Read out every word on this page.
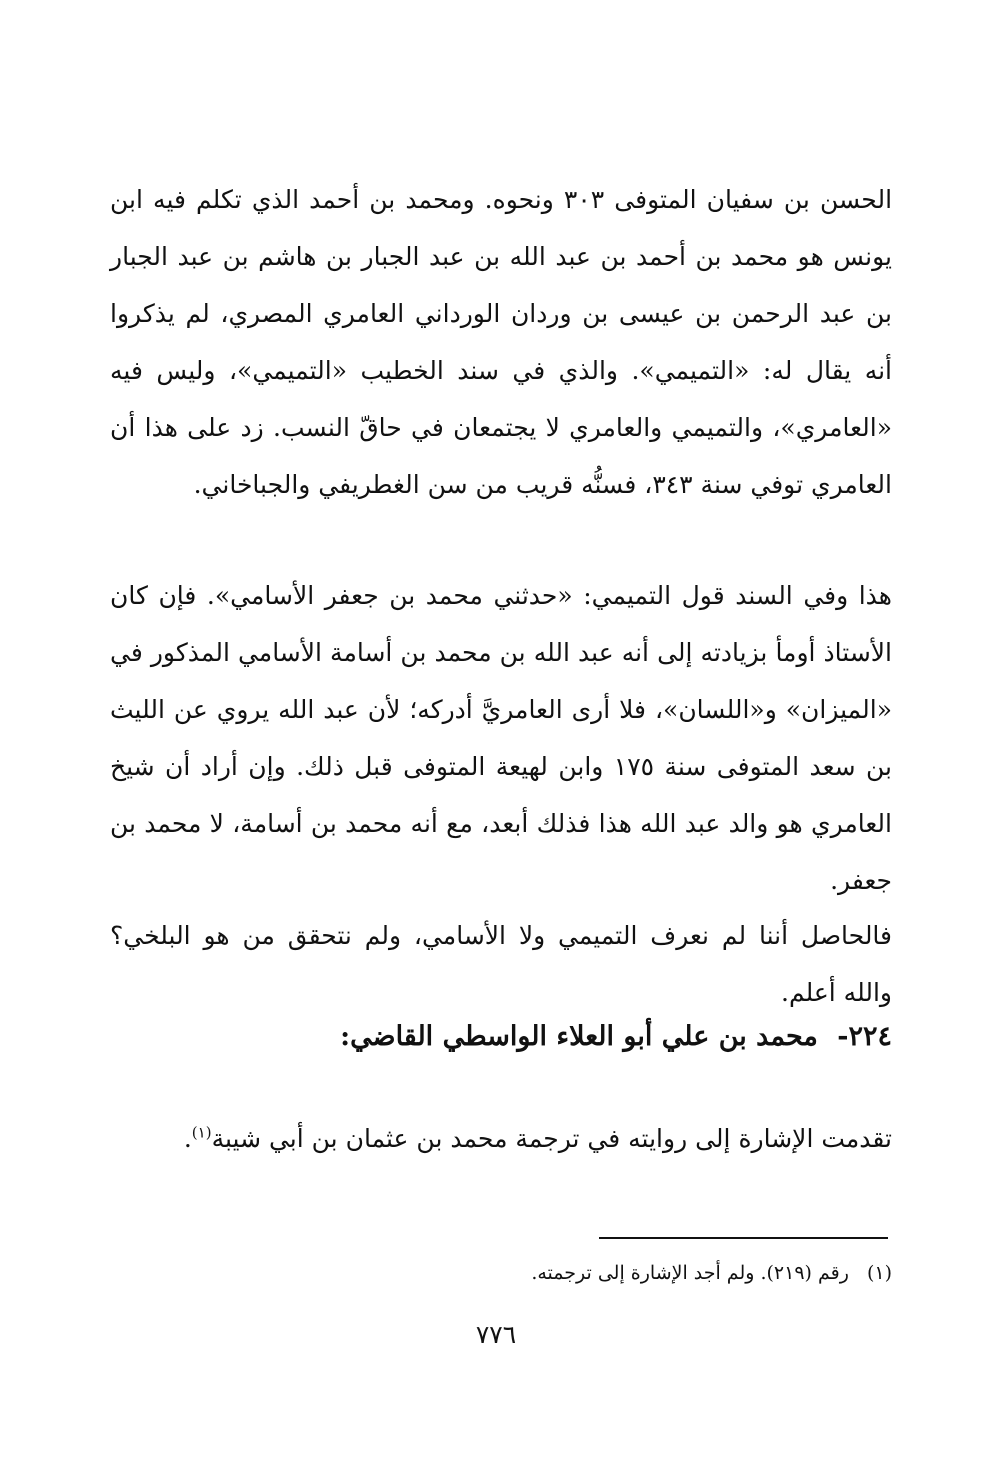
الحسن بن سفيان المتوفى ٣٠٣ ونحوه. ومحمد بن أحمد الذي تكلم فيه ابن يونس هو محمد بن أحمد بن عبد الله بن عبد الجبار بن هاشم بن عبد الجبار بن عبد الرحمن بن عيسى بن وردان الورداني العامري المصري، لم يذكروا أنه يقال له: «التميمي». والذي في سند الخطيب «التميمي»، وليس فيه «العامري»، والتميمي والعامري لا يجتمعان في حاقّ النسب. زد على هذا أن العامري توفي سنة ٣٤٣، فسنُّه قريب من سن الغطريفي والجباخاني.

هذا وفي السند قول التميمي: «حدثني محمد بن جعفر الأسامي». فإن كان الأستاذ أومأ بزيادته إلى أنه عبد الله بن محمد بن أسامة الأسامي المذكور في «الميزان» و«اللسان»، فلا أرى العامريَّ أدركه؛ لأن عبد الله يروي عن الليث بن سعد المتوفى سنة ١٧٥ وابن لهيعة المتوفى قبل ذلك. وإن أراد أن شيخ العامري هو والد عبد الله هذا فذلك أبعد، مع أنه محمد بن أسامة، لا محمد بن جعفر.

فالحاصل أننا لم نعرف التميمي ولا الأسامي، ولم نتحقق من هو البلخي؟ والله أعلم.

٢٢٤- محمد بن علي أبو العلاء الواسطي القاضي:

تقدمت الإشارة إلى روايته في ترجمة محمد بن عثمان بن أبي شيبة$^{(١)}$.

(١) رقم (٢١٩). ولم أجد الإشارة إلى ترجمته.
٧٧٦
